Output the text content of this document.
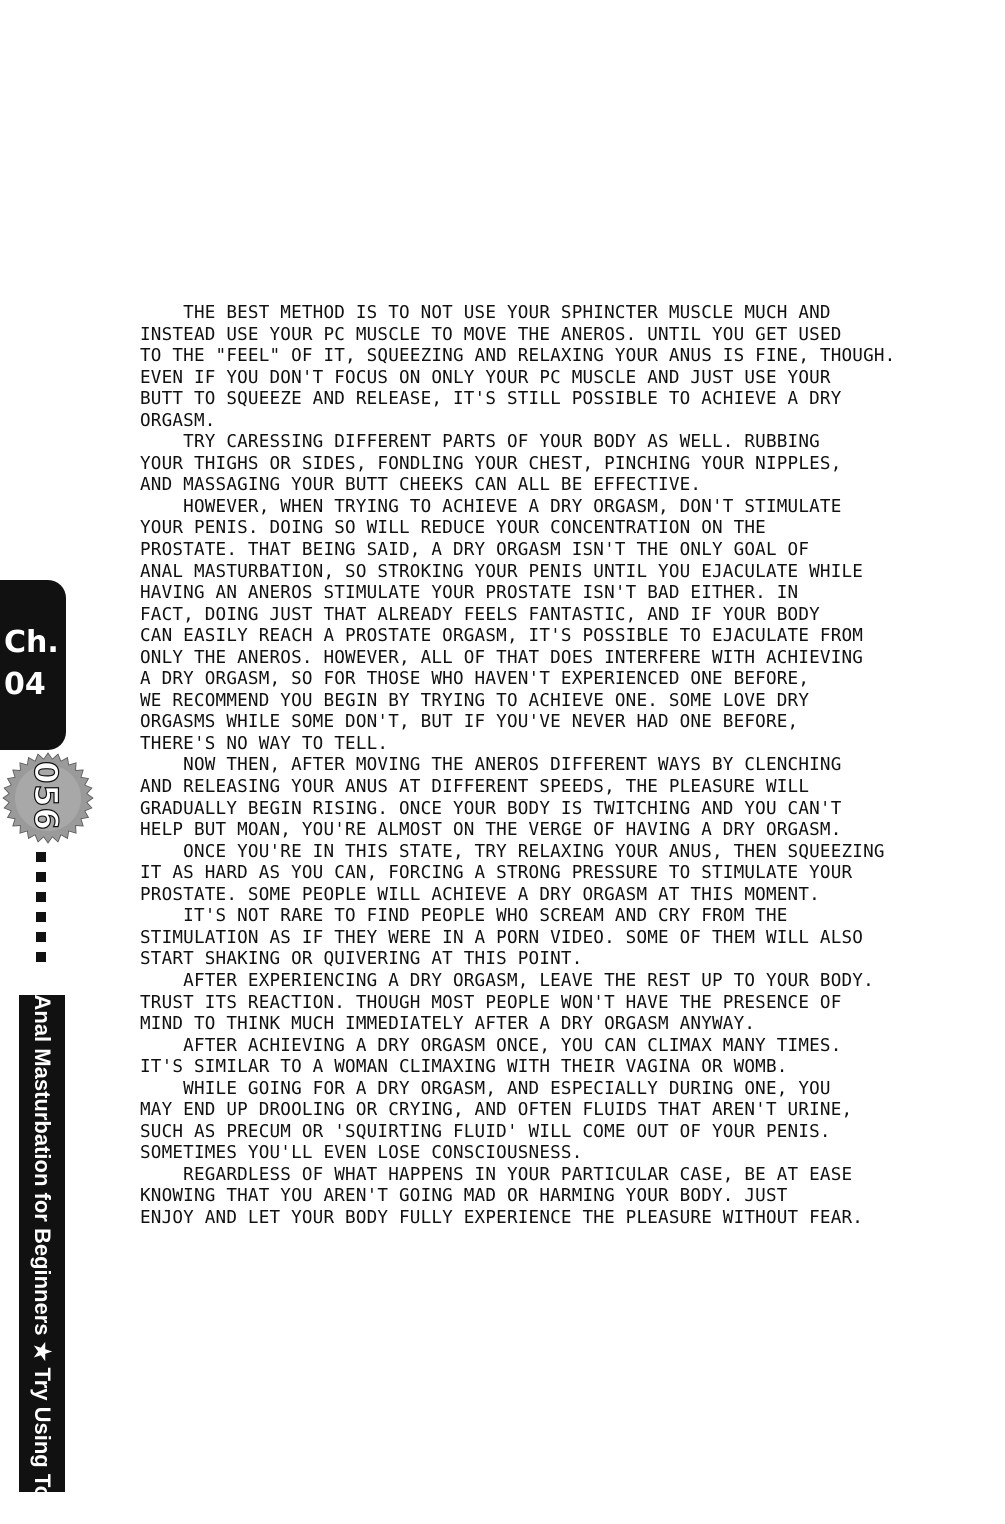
Ch.
04
056
Anal Masturbation for Beginners ★ Try Using Toys
THE BEST METHOD IS TO NOT USE YOUR SPHINCTER MUSCLE MUCH AND
INSTEAD USE YOUR PC MUSCLE TO MOVE THE ANEROS. UNTIL YOU GET USED
TO THE "FEEL" OF IT, SQUEEZING AND RELAXING YOUR ANUS IS FINE, THOUGH.
EVEN IF YOU DON'T FOCUS ON ONLY YOUR PC MUSCLE AND JUST USE YOUR
BUTT TO SQUEEZE AND RELEASE, IT'S STILL POSSIBLE TO ACHIEVE A DRY
ORGASM.
TRY CARESSING DIFFERENT PARTS OF YOUR BODY AS WELL. RUBBING
YOUR THIGHS OR SIDES, FONDLING YOUR CHEST, PINCHING YOUR NIPPLES,
AND MASSAGING YOUR BUTT CHEEKS CAN ALL BE EFFECTIVE.
HOWEVER, WHEN TRYING TO ACHIEVE A DRY ORGASM, DON'T STIMULATE
YOUR PENIS. DOING SO WILL REDUCE YOUR CONCENTRATION ON THE
PROSTATE. THAT BEING SAID, A DRY ORGASM ISN'T THE ONLY GOAL OF
ANAL MASTURBATION, SO STROKING YOUR PENIS UNTIL YOU EJACULATE WHILE
HAVING AN ANEROS STIMULATE YOUR PROSTATE ISN'T BAD EITHER. IN
FACT, DOING JUST THAT ALREADY FEELS FANTASTIC, AND IF YOUR BODY
CAN EASILY REACH A PROSTATE ORGASM, IT'S POSSIBLE TO EJACULATE FROM
ONLY THE ANEROS. HOWEVER, ALL OF THAT DOES INTERFERE WITH ACHIEVING
A DRY ORGASM, SO FOR THOSE WHO HAVEN'T EXPERIENCED ONE BEFORE,
WE RECOMMEND YOU BEGIN BY TRYING TO ACHIEVE ONE. SOME LOVE DRY
ORGASMS WHILE SOME DON'T, BUT IF YOU'VE NEVER HAD ONE BEFORE,
THERE'S NO WAY TO TELL.
NOW THEN, AFTER MOVING THE ANEROS DIFFERENT WAYS BY CLENCHING
AND RELEASING YOUR ANUS AT DIFFERENT SPEEDS, THE PLEASURE WILL
GRADUALLY BEGIN RISING. ONCE YOUR BODY IS TWITCHING AND YOU CAN'T
HELP BUT MOAN, YOU'RE ALMOST ON THE VERGE OF HAVING A DRY ORGASM.
ONCE YOU'RE IN THIS STATE, TRY RELAXING YOUR ANUS, THEN SQUEEZING
IT AS HARD AS YOU CAN, FORCING A STRONG PRESSURE TO STIMULATE YOUR
PROSTATE. SOME PEOPLE WILL ACHIEVE A DRY ORGASM AT THIS MOMENT.
IT'S NOT RARE TO FIND PEOPLE WHO SCREAM AND CRY FROM THE
STIMULATION AS IF THEY WERE IN A PORN VIDEO. SOME OF THEM WILL ALSO
START SHAKING OR QUIVERING AT THIS POINT.
AFTER EXPERIENCING A DRY ORGASM, LEAVE THE REST UP TO YOUR BODY.
TRUST ITS REACTION. THOUGH MOST PEOPLE WON'T HAVE THE PRESENCE OF
MIND TO THINK MUCH IMMEDIATELY AFTER A DRY ORGASM ANYWAY.
AFTER ACHIEVING A DRY ORGASM ONCE, YOU CAN CLIMAX MANY TIMES.
IT'S SIMILAR TO A WOMAN CLIMAXING WITH THEIR VAGINA OR WOMB.
WHILE GOING FOR A DRY ORGASM, AND ESPECIALLY DURING ONE, YOU
MAY END UP DROOLING OR CRYING, AND OFTEN FLUIDS THAT AREN'T URINE,
SUCH AS PRECUM OR 'SQUIRTING FLUID' WILL COME OUT OF YOUR PENIS.
SOMETIMES YOU'LL EVEN LOSE CONSCIOUSNESS.
REGARDLESS OF WHAT HAPPENS IN YOUR PARTICULAR CASE, BE AT EASE
KNOWING THAT YOU AREN'T GOING MAD OR HARMING YOUR BODY. JUST
ENJOY AND LET YOUR BODY FULLY EXPERIENCE THE PLEASURE WITHOUT FEAR.
